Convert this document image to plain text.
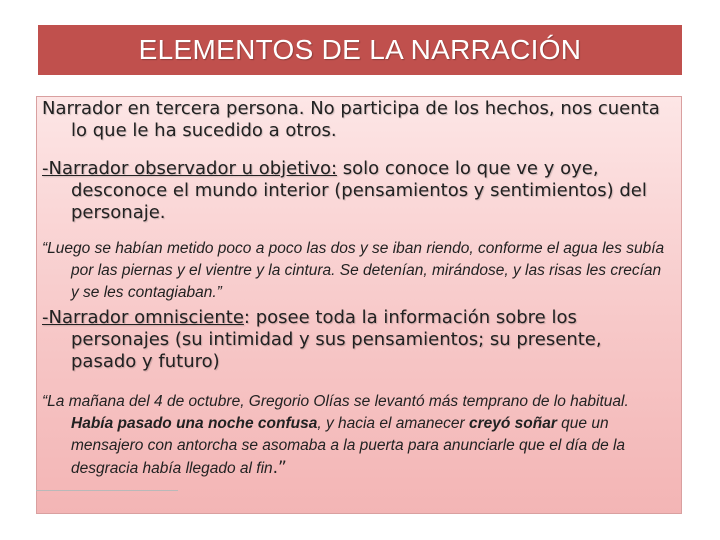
ELEMENTOS DE LA NARRACIÓN
Narrador en tercera persona. No participa de los hechos, nos cuenta lo que le ha sucedido a otros.
-Narrador observador u objetivo: solo conoce lo que ve y oye, desconoce el mundo interior (pensamientos y sentimientos) del personaje.
“Luego se habían metido poco a poco las dos y se iban riendo, conforme el agua les subía por las piernas y el vientre y la cintura. Se detenían, mirándose, y las risas les crecían y se les contagiaban.”
-Narrador omnisciente: posee toda la información sobre los personajes (su intimidad y sus pensamientos; su presente, pasado y futuro)
“La mañana del 4 de octubre, Gregorio Olías se levantó más temprano de lo habitual. Había pasado una noche confusa, y hacia el amanecer creyó soñar que un mensajero con antorcha se asomaba a la puerta para anunciarle que el día de la desgracia había llegado al fin.”
